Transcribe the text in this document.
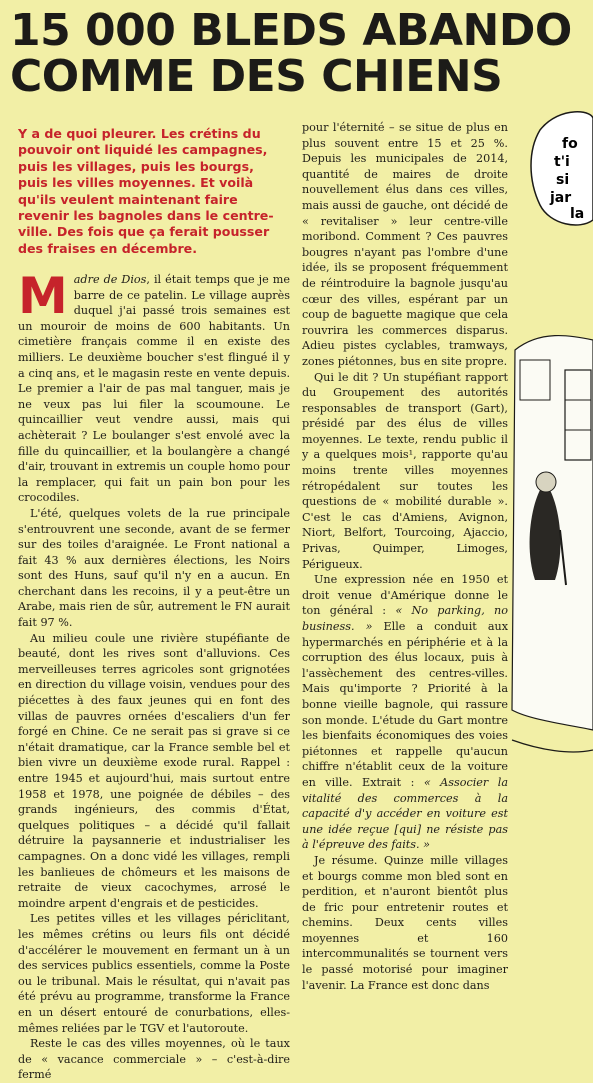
15 000 BLEDS ABANDO
COMME DES CHIENS
Y a de quoi pleurer. Les crétins du pouvoir ont liquidé les campagnes, puis les villages, puis les bourgs, puis les villes moyennes. Et voilà qu'ils veulent maintenant faire revenir les bagnoles dans le centre-ville. Des fois que ça ferait pousser des fraises en décembre.

Madre de Dios, il était temps que je me barre de ce patelin. Le village auprès duquel j'ai passé trois semaines est un mouroir de moins de 600 habitants. Un cimetière français comme il en existe des milliers. Le deuxième boucher s'est flingué il y a cinq ans, et le magasin reste en vente depuis. Le premier a l'air de pas mal tanguer, mais je ne veux pas lui filer la scoumoune. Le quincaillier veut vendre aussi, mais qui achèterait ? Le boulanger s'est envolé avec la fille du quincaillier, et la boulangère a changé d'air, trouvant in extremis un couple homo pour la remplacer, qui fait un pain bon pour les crocodiles.

L'été, quelques volets de la rue principale s'entrouvrent une seconde, avant de se fermer sur des toiles d'araignée. Le Front national a fait 43 % aux dernières élections, les Noirs sont des Huns, sauf qu'il n'y en a aucun. En cherchant dans les recoins, il y a peut-être un Arabe, mais rien de sûr, autrement le FN aurait fait 97 %.

Au milieu coule une rivière stupéfiante de beauté, dont les rives sont d'alluvions. Ces merveilleuses terres agricoles sont grignotées en direction du village voisin, vendues pour des piécettes à des faux jeunes qui en font des villas de pauvres ornées d'escaliers d'un fer forgé en Chine. Ce ne serait pas si grave si ce n'était dramatique, car la France semble bel et bien vivre un deuxième exode rural. Rappel : entre 1945 et aujourd'hui, mais surtout entre 1958 et 1978, une poignée de débiles – des grands ingénieurs, des commis d'État, quelques politiques – a décidé qu'il fallait détruire la paysannerie et industrialiser les campagnes. On a donc vidé les villages, rempli les banlieues de chômeurs et les maisons de retraite de vieux cacochymes, arrosé le moindre arpent d'engrais et de pesticides.

Les petites villes et les villages périclitant, les mêmes crétins ou leurs fils ont décidé d'accélérer le mouvement en fermant un à un des services publics essentiels, comme la Poste ou le tribunal. Mais le résultat, qui n'avait pas été prévu au programme, transforme la France en un désert entouré de conurbations, elles-mêmes reliées par le TGV et l'autoroute.

Reste le cas des villes moyennes, où le taux de « vacance commerciale » – c'est-à-dire fermé

pour l'éternité – se situe de plus en plus souvent entre 15 et 25 %. Depuis les municipales de 2014, quantité de maires de droite nouvellement élus dans ces villes, mais aussi de gauche, ont décidé de « revitaliser » leur centre-ville moribond. Comment ? Ces pauvres bougres n'ayant pas l'ombre d'une idée, ils se proposent fréquemment de réintroduire la bagnole jusqu'au cœur des villes, espérant par un coup de baguette magique que cela rouvrira les commerces disparus. Adieu pistes cyclables, tramways, zones piétonnes, bus en site propre.

Qui le dit ? Un stupéfiant rapport du Groupement des autorités responsables de transport (Gart), présidé par des élus de villes moyennes. Le texte, rendu public il y a quelques mois¹, rapporte qu'au moins trente villes moyennes rétropédalent sur toutes les questions de « mobilité durable ». C'est le cas d'Amiens, Avignon, Niort, Belfort, Tourcoing, Ajaccio, Privas, Quimper, Limoges, Périgueux.

Une expression née en 1950 et droit venue d'Amérique donne le ton général : « No parking, no business. » Elle a conduit aux hypermarchés en périphérie et à la corruption des élus locaux, puis à l'assèchement des centres-villes. Mais qu'importe ? Priorité à la bonne vieille bagnole, qui rassure son monde. L'étude du Gart montre les bienfaits économiques des voies piétonnes et rappelle qu'aucun chiffre n'établit ceux de la voiture en ville. Extrait : « Associer la vitalité des commerces à la capacité d'y accéder en voiture est une idée reçue [qui] ne résiste pas à l'épreuve des faits. »

Je résume. Quinze mille villages et bourgs comme mon bled sont en perdition, et n'auront bientôt plus de fric pour entretenir routes et chemins. Deux cents villes moyennes et 160 intercommunalités se tournent vers le passé motorisé pour imaginer l'avenir. La France est donc dans

fo
t'i
si
jar
la
